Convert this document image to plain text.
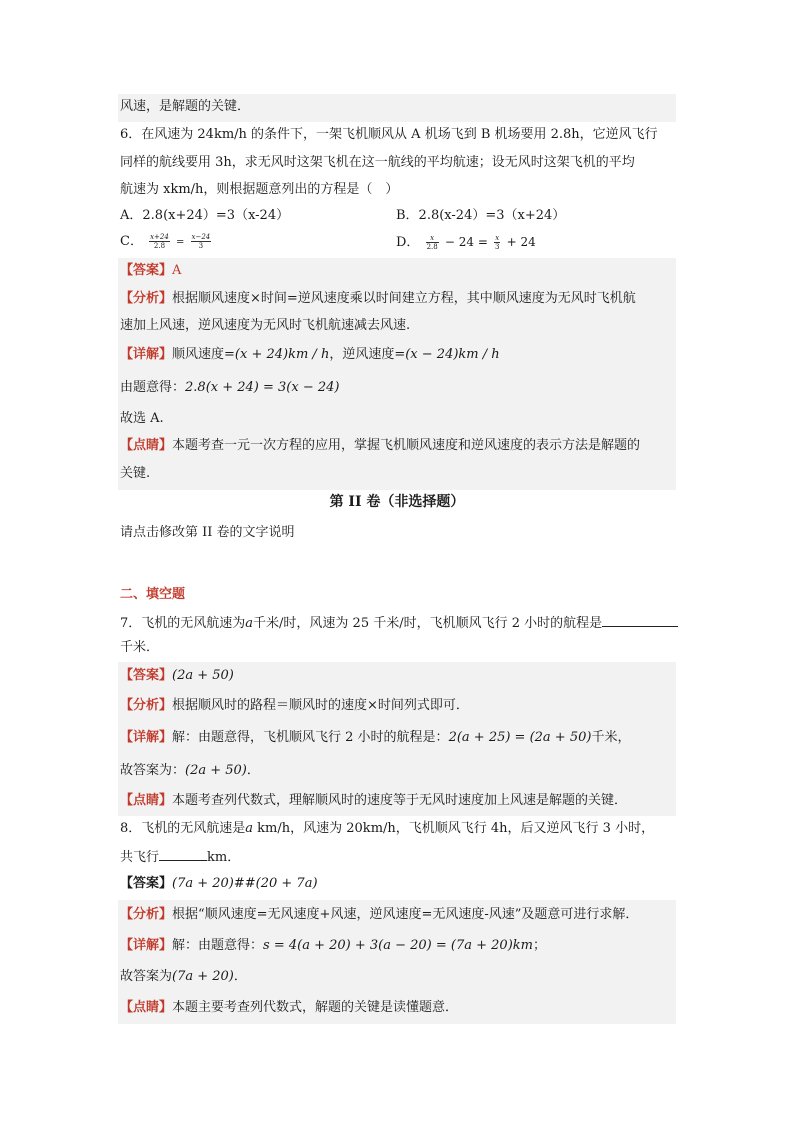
风速，是解题的关键．
6．在风速为 24km/h 的条件下，一架飞机顺风从 A 机场飞到 B 机场要用 2.8h，它逆风飞行
同样的航线要用 3h，求无风时这架飞机在这一航线的平均航速；设无风时这架飞机的平均
航速为 xkm/h，则根据题意列出的方程是（　）
A．2.8(x+24）=3（x-24）	B．2.8(x-24）=3（x+24）
C． $\frac{x+24}{2.8} = \frac{x-24}{3}$	D． $\frac{x}{2.8} - 24 = \frac{x}{3} + 24$
【答案】A
【分析】根据顺风速度×时间=逆风速度乘以时间建立方程，其中顺风速度为无风时飞机航
速加上风速，逆风速度为无风时飞机航速减去风速.
【详解】顺风速度=(x + 24)km / h，逆风速度=(x − 24)km / h
由题意得：2.8(x + 24) = 3(x − 24)
故选 A.
【点睛】本题考查一元一次方程的应用，掌握飞机顺风速度和逆风速度的表示方法是解题的
关键.
第 II 卷（非选择题）
请点击修改第 II 卷的文字说明
二、填空题
7．飞机的无风航速为a千米/时，风速为 25 千米/时，飞机顺风飞行 2 小时的航程是
千米．
【答案】(2a + 50)
【分析】根据顺风时的路程＝顺风时的速度×时间列式即可．
【详解】解：由题意得，飞机顺风飞行 2 小时的航程是：2(a + 25) = (2a + 50)千米，
故答案为：(2a + 50)．
【点睛】本题考查列代数式，理解顺风时的速度等于无风时速度加上风速是解题的关键．
8．飞机的无风航速是a km/h，风速为 20km/h，飞机顺风飞行 4h，后又逆风飞行 3 小时，
共飞行	km．
【答案】(7a + 20)##(20 + 7a)
【分析】根据“顺风速度=无风速度+风速，逆风速度=无风速度-风速”及题意可进行求解．
【详解】解：由题意得：s = 4(a + 20) + 3(a − 20) = (7a + 20)km；
故答案为(7a + 20)．
【点睛】本题主要考查列代数式，解题的关键是读懂题意．
